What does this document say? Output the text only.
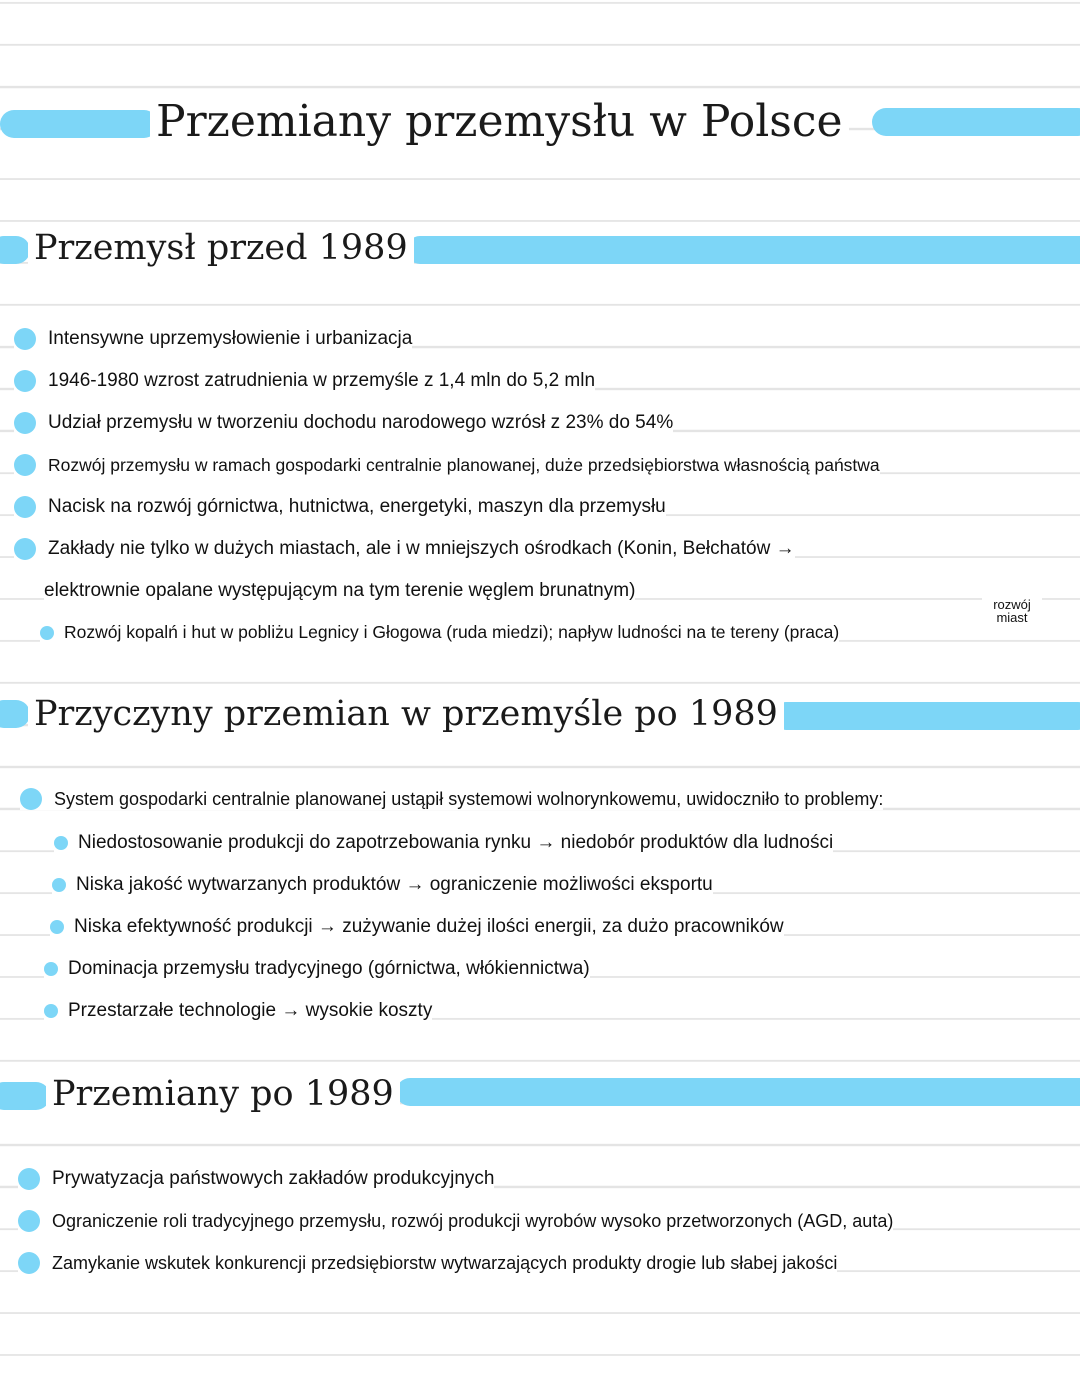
Przemiany przemysłu w Polsce
Przemysł przed 1989
Intensywne uprzemysłowienie i urbanizacja
1946-1980 wzrost zatrudnienia w przemyśle z 1,4 mln do 5,2 mln
Udział przemysłu w tworzeniu dochodu narodowego wzrósł z 23% do 54%
Rozwój przemysłu w ramach gospodarki centralnie planowanej, duże przedsiębiorstwa własnością państwa
Nacisk na rozwój górnictwa, hutnictwa, energetyki, maszyn dla przemysłu
Zakłady nie tylko w dużych miastach, ale i w mniejszych ośrodkach (Konin, Bełchatów →
elektrownie opalane występującym na tym terenie węglem brunatnym)
Rozwój kopalń i hut w pobliżu Legnicy i Głogowa (ruda miedzi); napływ ludności na te tereny (praca)
rozwój miast
Przyczyny przemian w przemyśle po 1989
System gospodarki centralnie planowanej ustąpił systemowi wolnorynkowemu, uwidoczniło to problemy:
Niedostosowanie produkcji do zapotrzebowania rynku → niedobór produktów dla ludności
Niska jakość wytwarzanych produktów → ograniczenie możliwości eksportu
Niska efektywność produkcji → zużywanie dużej ilości energii, za dużo pracowników
Dominacja przemysłu tradycyjnego (górnictwa, włókiennictwa)
Przestarzałe technologie → wysokie koszty
Przemiany po 1989
Prywatyzacja państwowych zakładów produkcyjnych
Ograniczenie roli tradycyjnego przemysłu, rozwój produkcji wyrobów wysoko przetworzonych (AGD, auta)
Zamykanie wskutek konkurencji przedsiębiorstw wytwarzających produkty drogie lub słabej jakości
